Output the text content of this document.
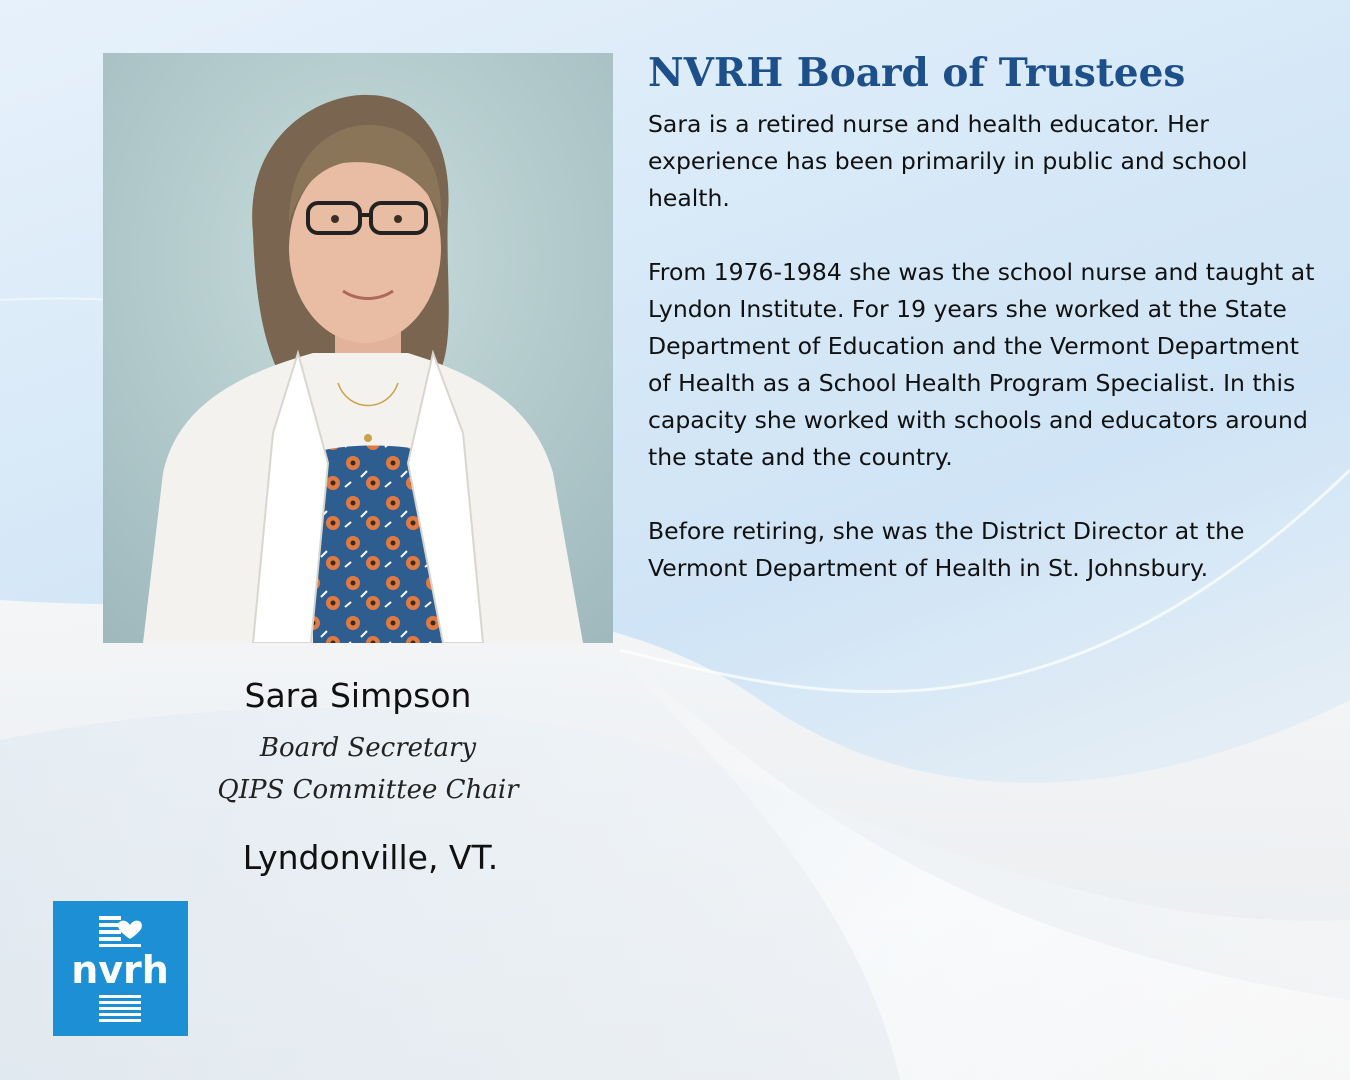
NVRH Board of Trustees

Sara is a retired nurse and health educator. Her experience has been primarily in public and school health.

From 1976-1984 she was the school nurse and taught at Lyndon Institute. For 19 years she worked at the State Department of Education and the Vermont Department of Health as a School Health Program Specialist. In this capacity she worked with schools and educators around the state and the country.

Before retiring, she was the District Director at the Vermont Department of Health in St. Johnsbury.

Sara Simpson
Board Secretary
QIPS Committee Chair
Lyndonville, VT.
nvrh
